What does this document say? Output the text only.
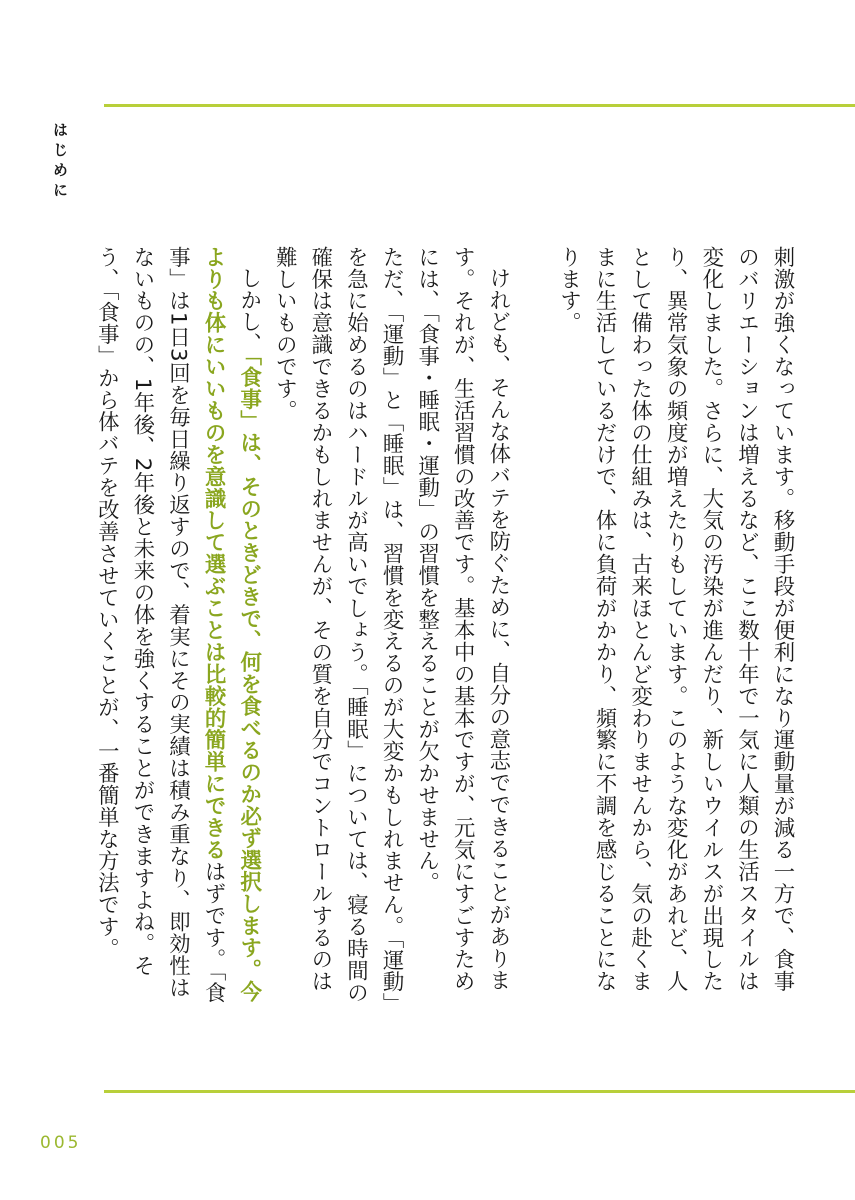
はじめに

刺激が強くなっています。移動手段が便利になり運動量が減る一方で、食事のバリエーションは増えるなど、ここ数十年で一気に人類の生活スタイルは変化しました。さらに、大気の汚染が進んだり、新しいウイルスが出現したり、異常気象の頻度が増えたりもしています。このような変化があれど、人として備わった体の仕組みは、古来ほとんど変わりませんから、気の赴くままに生活しているだけで、体に負荷がかかり、頻繁に不調を感じることになります。

けれども、そんな体バテを防ぐために、自分の意志でできることがあります。それが、生活習慣の改善です。基本中の基本ですが、元気にすごすためには、「食事・睡眠・運動」の習慣を整えることが欠かせません。

ただ、「運動」と「睡眠」は、習慣を変えるのが大変かもしれません。「運動」を急に始めるのはハードルが高いでしょう。「睡眠」については、寝る時間の確保は意識できるかもしれませんが、その質を自分でコントロールするのは難しいものです。

しかし、「食事」は、そのときどきで、何を食べるのか必ず選択します。今よりも体にいいものを意識して選ぶことは比較的簡単にできるはずです。「食事」は1日3回を毎日繰り返すので、着実にその実績は積み重なり、即効性はないものの、1年後、2年後と未来の体を強くすることができますよね。そう、「食事」から体バテを改善させていくことが、一番簡単な方法です。

005
